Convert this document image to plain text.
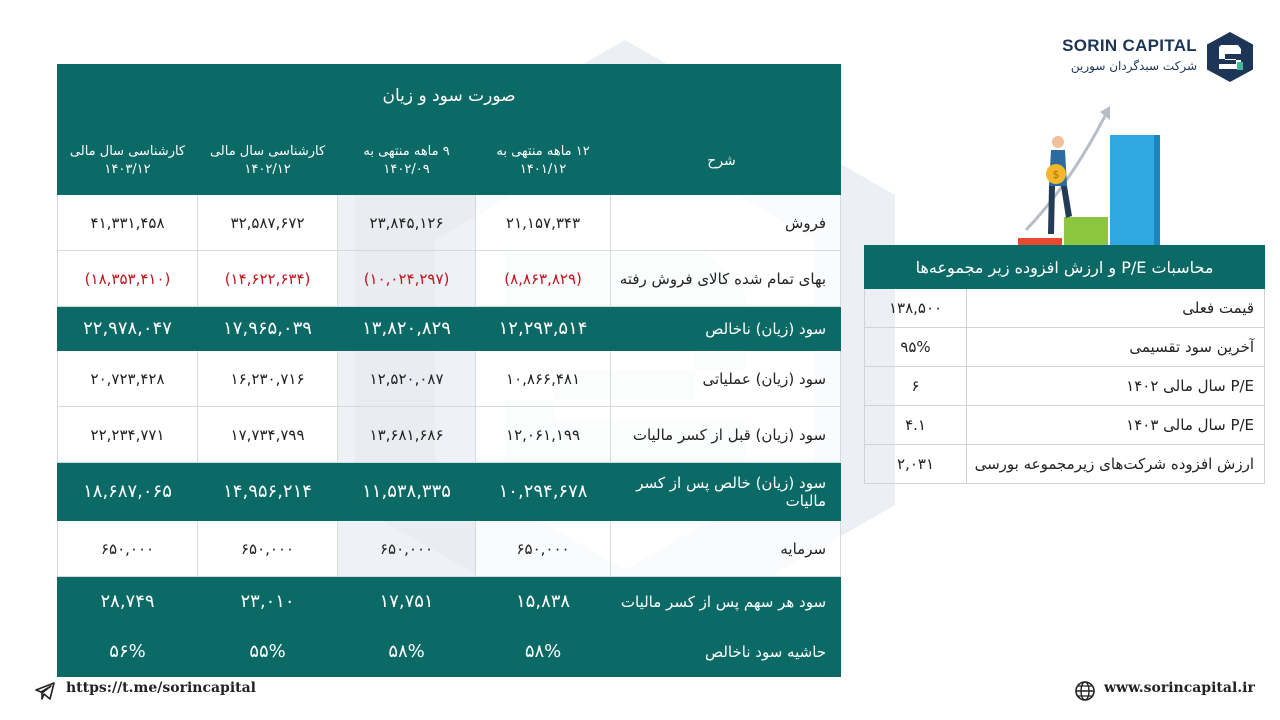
SORIN CAPITAL
شرکت سبدگردان سورین
$
صورت سود و زیان				
شرح	۱۲ ماهه منتهی به ۱۴۰۱/۱۲	۹ ماهه منتهی به ۱۴۰۲/۰۹	کارشناسی سال مالی ۱۴۰۲/۱۲	کارشناسی سال مالی ۱۴۰۳/۱۲
فروش	۲۱,۱۵۷,۳۴۳	۲۳,۸۴۵,۱۲۶	۳۲,۵۸۷,۶۷۲	۴۱,۳۳۱,۴۵۸
بهای تمام شده کالای فروش رفته	(۸,۸۶۳,۸۲۹)	(۱۰,۰۲۴,۲۹۷)	(۱۴,۶۲۲,۶۳۴)	(۱۸,۳۵۳,۴۱۰)
سود (زیان) ناخالص	۱۲,۲۹۳,۵۱۴	۱۳,۸۲۰,۸۲۹	۱۷,۹۶۵,۰۳۹	۲۲,۹۷۸,۰۴۷
سود (زیان) عملیاتی	۱۰,۸۶۶,۴۸۱	۱۲,۵۲۰,۰۸۷	۱۶,۲۳۰,۷۱۶	۲۰,۷۲۳,۴۲۸
سود (زیان) قبل از کسر مالیات	۱۲,۰۶۱,۱۹۹	۱۳,۶۸۱,۶۸۶	۱۷,۷۳۴,۷۹۹	۲۲,۲۳۴,۷۷۱
سود (زیان) خالص پس از کسر مالیات	۱۰,۲۹۴,۶۷۸	۱۱,۵۳۸,۳۳۵	۱۴,۹۵۶,۲۱۴	۱۸,۶۸۷,۰۶۵
سرمایه	۶۵۰,۰۰۰	۶۵۰,۰۰۰	۶۵۰,۰۰۰	۶۵۰,۰۰۰
سود هر سهم پس از کسر مالیات	۱۵,۸۳۸	۱۷,۷۵۱	۲۳,۰۱۰	۲۸,۷۴۹
حاشیه سود ناخالص	۵۸%	۵۸%	۵۵%	۵۶%
محاسبات P/E و ارزش افزوده زیر مجموعه‌ها	
قیمت فعلی	۱۳۸,۵۰۰
آخرین سود تقسیمی	۹۵%
P/E سال مالی ۱۴۰۲	۶
P/E سال مالی ۱۴۰۳	۴.۱
ارزش افزوده شرکت‌های زیرمجموعه بورسی	۲,۰۳۱
https://t.me/sorincapital	www.sorincapital.ir
